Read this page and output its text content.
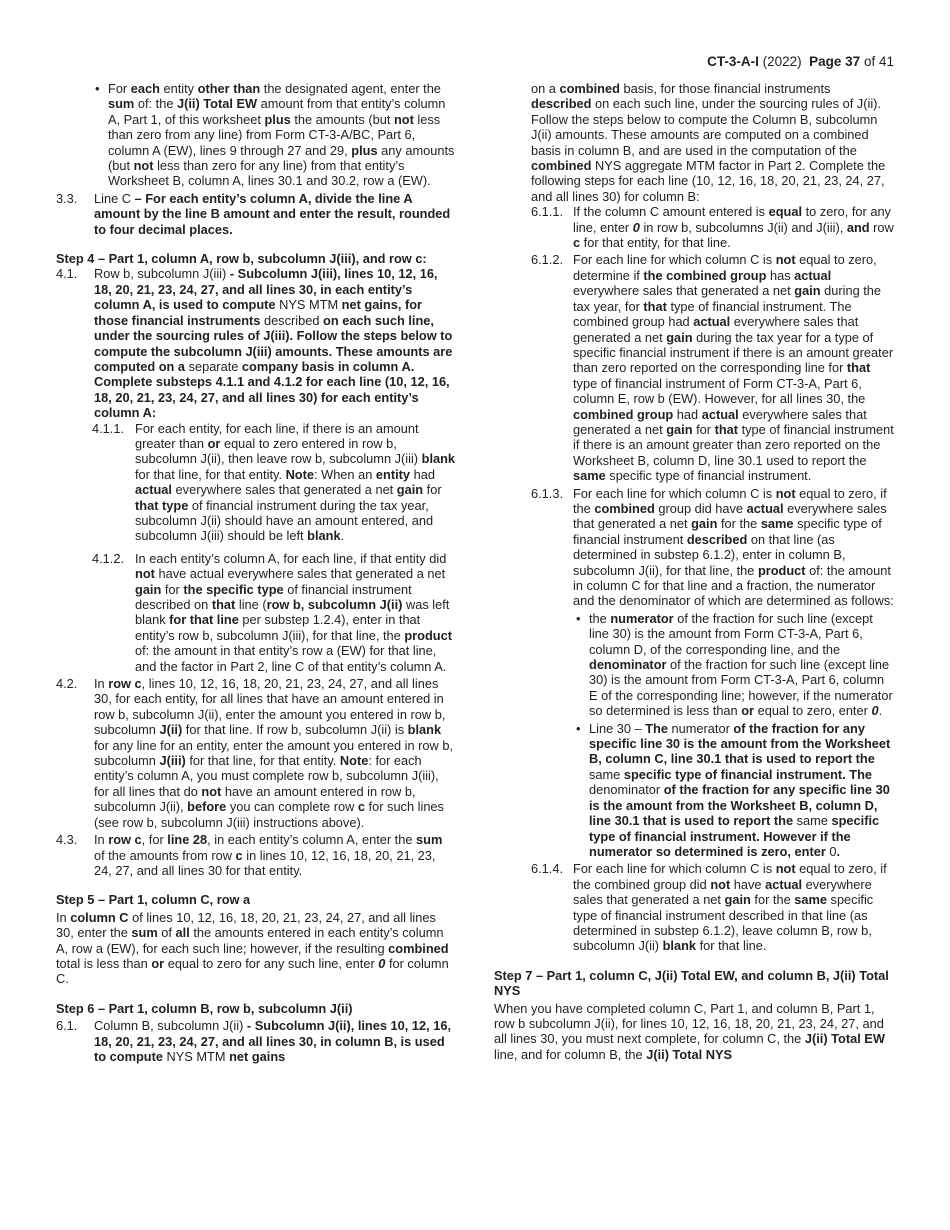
CT-3-A-I (2022) Page 37 of 41
• For each entity other than the designated agent, enter the sum of: the J(ii) Total EW amount from that entity’s column A, Part 1, of this worksheet plus the amounts (but not less than zero from any line) from Form CT-3-A/BC, Part 6, column A (EW), lines 9 through 27 and 29, plus any amounts (but not less than zero for any line) from that entity’s Worksheet B, column A, lines 30.1 and 30.2, row a (EW).

3.3. Line C – For each entity’s column A, divide the line A amount by the line B amount and enter the result, rounded to four decimal places.

Step 4 – Part 1, column A, row b, subcolumn J(iii), and row c:

4.1. Row b, subcolumn J(iii) - Subcolumn J(iii), lines 10, 12, 16, 18, 20, 21, 23, 24, 27, and all lines 30, in each entity’s column A, is used to compute NYS MTM net gains, for those financial instruments described on each such line, under the sourcing rules of J(iii). Follow the steps below to compute the subcolumn J(iii) amounts. These amounts are computed on a separate company basis in column A. Complete substeps 4.1.1 and 4.1.2 for each line (10, 12, 16, 18, 20, 21, 23, 24, 27, and all lines 30) for each entity’s column A:

4.1.1. For each entity, for each line, if there is an amount greater than or equal to zero entered in row b, subcolumn J(ii), then leave row b, subcolumn J(iii) blank for that line, for that entity. Note: When an entity had actual everywhere sales that generated a net gain for that type of financial instrument during the tax year, subcolumn J(ii) should have an amount entered, and subcolumn J(iii) should be left blank.

4.1.2. In each entity’s column A, for each line, if that entity did not have actual everywhere sales that generated a net gain for the specific type of financial instrument described on that line (row b, subcolumn J(ii) was left blank for that line per substep 1.2.4), enter in that entity’s row b, subcolumn J(iii), for that line, the product of: the amount in that entity’s row a (EW) for that line, and the factor in Part 2, line C of that entity’s column A.

4.2. In row c, lines 10, 12, 16, 18, 20, 21, 23, 24, 27, and all lines 30, for each entity, for all lines that have an amount entered in row b, subcolumn J(ii), enter the amount you entered in row b, subcolumn J(ii) for that line. If row b, subcolumn J(ii) is blank for any line for an entity, enter the amount you entered in row b, subcolumn J(iii) for that line, for that entity. Note: for each entity’s column A, you must complete row b, subcolumn J(iii), for all lines that do not have an amount entered in row b, subcolumn J(ii), before you can complete row c for such lines (see row b, subcolumn J(iii) instructions above).

4.3. In row c, for line 28, in each entity’s column A, enter the sum of the amounts from row c in lines 10, 12, 16, 18, 20, 21, 23, 24, 27, and all lines 30 for that entity.

Step 5 – Part 1, column C, row a

In column C of lines 10, 12, 16, 18, 20, 21, 23, 24, 27, and all lines 30, enter the sum of all the amounts entered in each entity’s column A, row a (EW), for each such line; however, if the resulting combined total is less than or equal to zero for any such line, enter 0 for column C.

Step 6 – Part 1, column B, row b, subcolumn J(ii)

6.1. Column B, subcolumn J(ii) - Subcolumn J(ii), lines 10, 12, 16, 18, 20, 21, 23, 24, 27, and all lines 30, in column B, is used to compute NYS MTM net gains

on a combined basis, for those financial instruments described on each such line, under the sourcing rules of J(ii). Follow the steps below to compute the Column B, subcolumn J(ii) amounts. These amounts are computed on a combined basis in column B, and are used in the computation of the combined NYS aggregate MTM factor in Part 2. Complete the following steps for each line (10, 12, 16, 18, 20, 21, 23, 24, 27, and all lines 30) for column B:

6.1.1. If the column C amount entered is equal to zero, for any line, enter 0 in row b, subcolumns J(ii) and J(iii), and row c for that entity, for that line.

6.1.2. For each line for which column C is not equal to zero, determine if the combined group has actual everywhere sales that generated a net gain during the tax year, for that type of financial instrument. The combined group had actual everywhere sales that generated a net gain during the tax year for a type of specific financial instrument if there is an amount greater than zero reported on the corresponding line for that type of financial instrument of Form CT-3-A, Part 6, column E, row b (EW). However, for all lines 30, the combined group had actual everywhere sales that generated a net gain for that type of financial instrument if there is an amount greater than zero reported on the Worksheet B, column D, line 30.1 used to report the same specific type of financial instrument.

6.1.3. For each line for which column C is not equal to zero, if the combined group did have actual everywhere sales that generated a net gain for the same specific type of financial instrument described on that line (as determined in substep 6.1.2), enter in column B, subcolumn J(ii), for that line, the product of: the amount in column C for that line and a fraction, the numerator and the denominator of which are determined as follows:

• the numerator of the fraction for such line (except line 30) is the amount from Form CT-3-A, Part 6, column D, of the corresponding line, and the denominator of the fraction for such line (except line 30) is the amount from Form CT-3-A, Part 6, column E of the corresponding line; however, if the numerator so determined is less than or equal to zero, enter 0.

• Line 30 – The numerator of the fraction for any specific line 30 is the amount from the Worksheet B, column C, line 30.1 that is used to report the same specific type of financial instrument. The denominator of the fraction for any specific line 30 is the amount from the Worksheet B, column D, line 30.1 that is used to report the same specific type of financial instrument. However if the numerator so determined is zero, enter 0.

6.1.4. For each line for which column C is not equal to zero, if the combined group did not have actual everywhere sales that generated a net gain for the same specific type of financial instrument described in that line (as determined in substep 6.1.2), leave column B, row b, subcolumn J(ii) blank for that line.

Step 7 – Part 1, column C, J(ii) Total EW, and column B, J(ii) Total NYS

When you have completed column C, Part 1, and column B, Part 1, row b subcolumn J(ii), for lines 10, 12, 16, 18, 20, 21, 23, 24, 27, and all lines 30, you must next complete, for column C, the J(ii) Total EW line, and for column B, the J(ii) Total NYS
